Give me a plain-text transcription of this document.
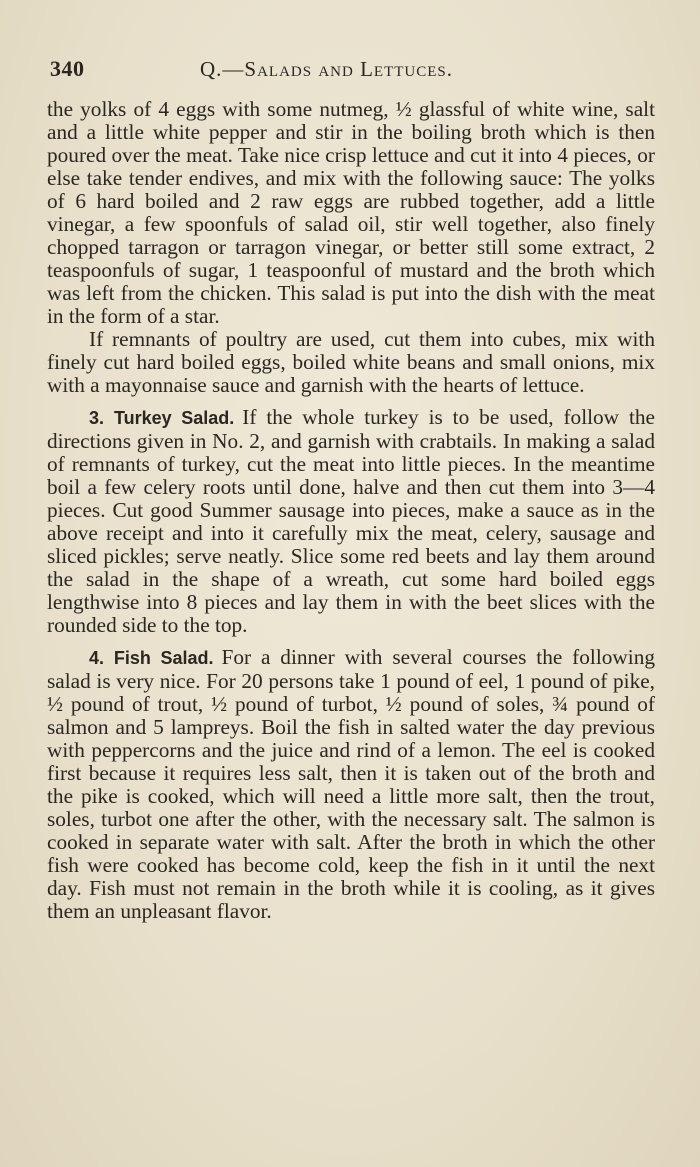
340	Q.—Salads and Lettuces.

the yolks of 4 eggs with some nutmeg, ½ glassful of white wine, salt and a little white pepper and stir in the boiling broth which is then poured over the meat. Take nice crisp lettuce and cut it into 4 pieces, or else take tender endives, and mix with the following sauce: The yolks of 6 hard boiled and 2 raw eggs are rubbed together, add a little vinegar, a few spoonfuls of salad oil, stir well together, also finely chopped tarragon or tarragon vinegar, or better still some extract, 2 teaspoonfuls of sugar, 1 teaspoonful of mustard and the broth which was left from the chicken. This salad is put into the dish with the meat in the form of a star.

If remnants of poultry are used, cut them into cubes, mix with finely cut hard boiled eggs, boiled white beans and small onions, mix with a mayonnaise sauce and garnish with the hearts of lettuce.

3. Turkey Salad. If the whole turkey is to be used, follow the directions given in No. 2, and garnish with crabtails. In making a salad of remnants of turkey, cut the meat into little pieces. In the meantime boil a few celery roots until done, halve and then cut them into 3—4 pieces. Cut good Summer sausage into pieces, make a sauce as in the above receipt and into it carefully mix the meat, celery, sausage and sliced pickles; serve neatly. Slice some red beets and lay them around the salad in the shape of a wreath, cut some hard boiled eggs lengthwise into 8 pieces and lay them in with the beet slices with the rounded side to the top.

4. Fish Salad. For a dinner with several courses the following salad is very nice. For 20 persons take 1 pound of eel, 1 pound of pike, ½ pound of trout, ½ pound of turbot, ½ pound of soles, ¾ pound of salmon and 5 lampreys. Boil the fish in salted water the day previous with peppercorns and the juice and rind of a lemon. The eel is cooked first because it requires less salt, then it is taken out of the broth and the pike is cooked, which will need a little more salt, then the trout, soles, turbot one after the other, with the necessary salt. The salmon is cooked in separate water with salt. After the broth in which the other fish were cooked has become cold, keep the fish in it until the next day. Fish must not remain in the broth while it is cooling, as it gives them an unpleasant flavor.
